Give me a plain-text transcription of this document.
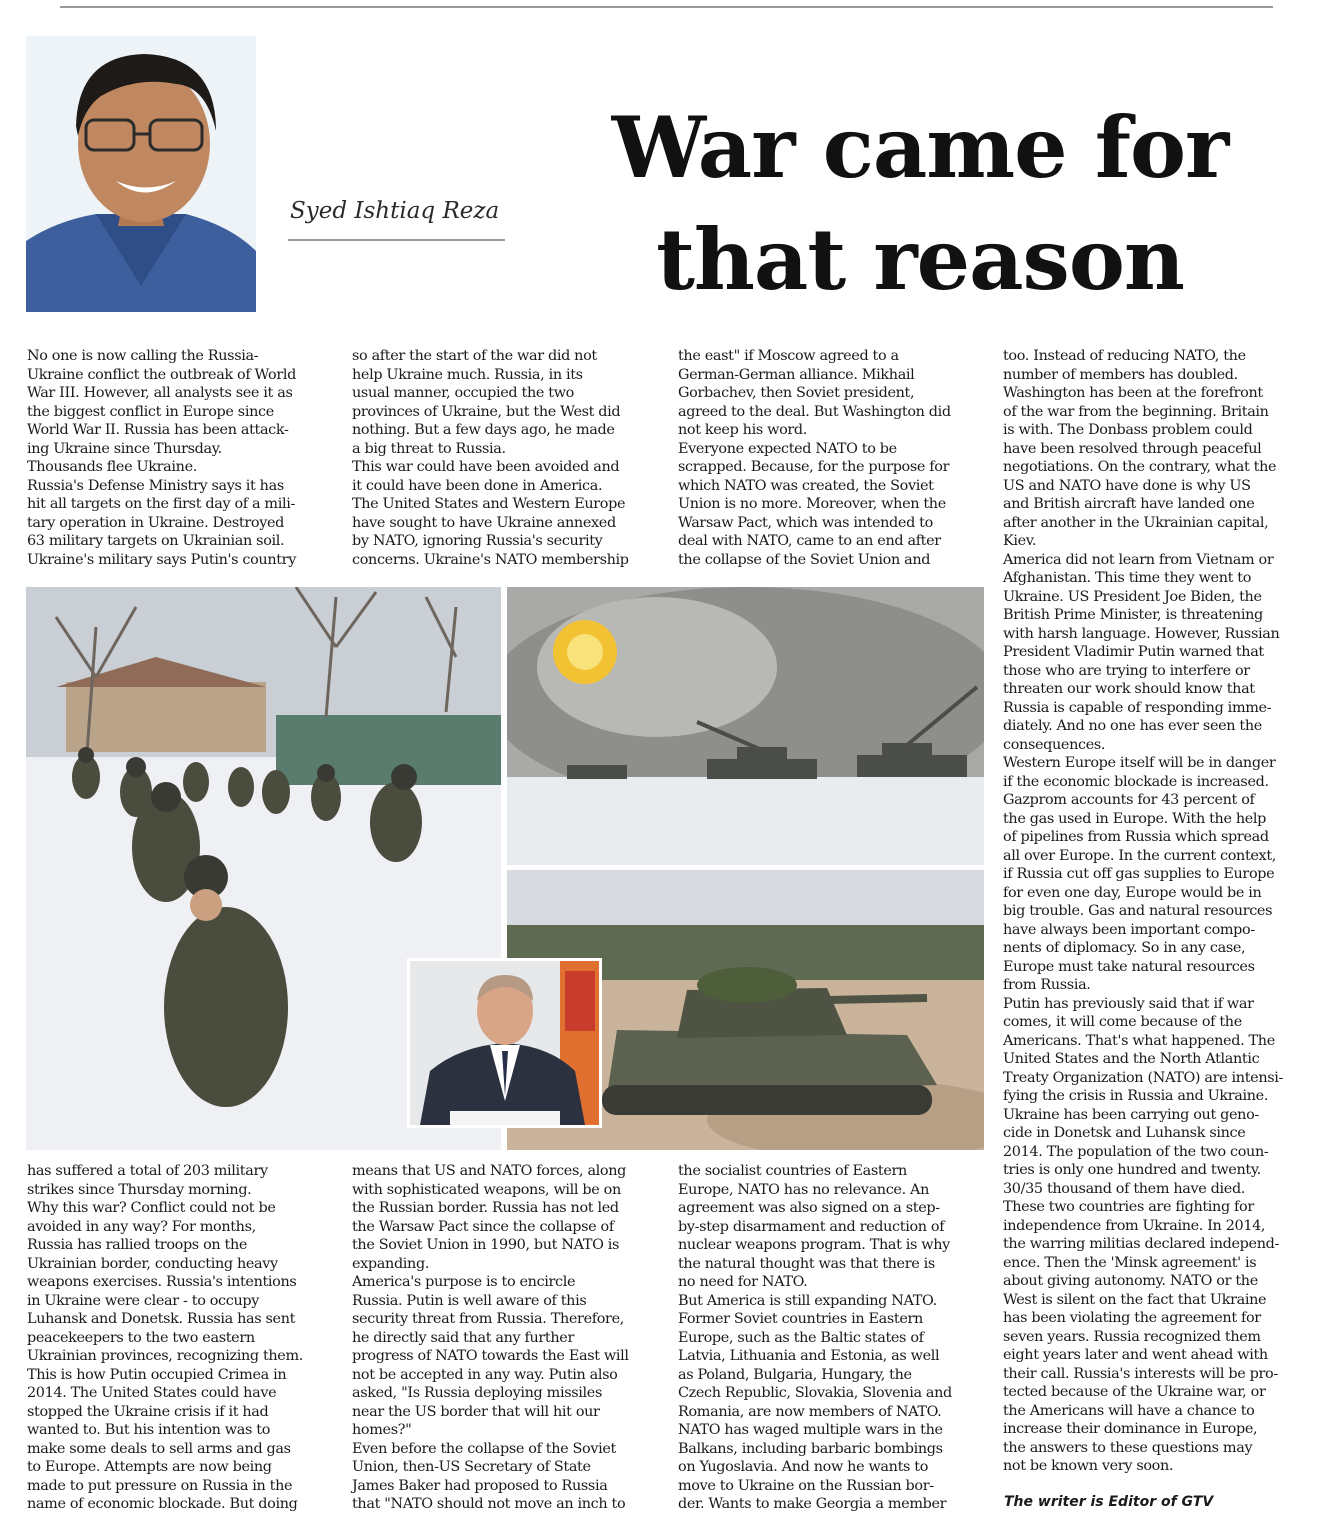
Syed Ishtiaq Reza
War came for
that reason

No one is now calling the Russia-
Ukraine conflict the outbreak of World
War III. However, all analysts see it as
the biggest conflict in Europe since
World War II. Russia has been attack-
ing Ukraine since Thursday.
Thousands flee Ukraine.
Russia's Defense Ministry says it has
hit all targets on the first day of a mili-
tary operation in Ukraine. Destroyed
63 military targets on Ukrainian soil.
Ukraine's military says Putin's country

so after the start of the war did not
help Ukraine much. Russia, in its
usual manner, occupied the two
provinces of Ukraine, but the West did
nothing. But a few days ago, he made
a big threat to Russia.
This war could have been avoided and
it could have been done in America.
The United States and Western Europe
have sought to have Ukraine annexed
by NATO, ignoring Russia's security
concerns. Ukraine's NATO membership

the east" if Moscow agreed to a
German-German alliance. Mikhail
Gorbachev, then Soviet president,
agreed to the deal. But Washington did
not keep his word.
Everyone expected NATO to be
scrapped. Because, for the purpose for
which NATO was created, the Soviet
Union is no more. Moreover, when the
Warsaw Pact, which was intended to
deal with NATO, came to an end after
the collapse of the Soviet Union and

too. Instead of reducing NATO, the
number of members has doubled.
Washington has been at the forefront
of the war from the beginning. Britain
is with. The Donbass problem could
have been resolved through peaceful
negotiations. On the contrary, what the
US and NATO have done is why US
and British aircraft have landed one
after another in the Ukrainian capital,
Kiev.
America did not learn from Vietnam or
Afghanistan. This time they went to
Ukraine. US President Joe Biden, the
British Prime Minister, is threatening
with harsh language. However, Russian
President Vladimir Putin warned that
those who are trying to interfere or
threaten our work should know that
Russia is capable of responding imme-
diately. And no one has ever seen the
consequences.
Western Europe itself will be in danger
if the economic blockade is increased.
Gazprom accounts for 43 percent of
the gas used in Europe. With the help
of pipelines from Russia which spread
all over Europe. In the current context,
if Russia cut off gas supplies to Europe
for even one day, Europe would be in
big trouble. Gas and natural resources
have always been important compo-
nents of diplomacy. So in any case,
Europe must take natural resources
from Russia.
Putin has previously said that if war
comes, it will come because of the
Americans. That's what happened. The
United States and the North Atlantic
Treaty Organization (NATO) are intensi-
fying the crisis in Russia and Ukraine.
Ukraine has been carrying out geno-
cide in Donetsk and Luhansk since
2014. The population of the two coun-
tries is only one hundred and twenty.
30/35 thousand of them have died.
These two countries are fighting for
independence from Ukraine. In 2014,
the warring militias declared independ-
ence. Then the 'Minsk agreement' is
about giving autonomy. NATO or the
West is silent on the fact that Ukraine
has been violating the agreement for
seven years. Russia recognized them
eight years later and went ahead with
their call. Russia's interests will be pro-
tected because of the Ukraine war, or
the Americans will have a chance to
increase their dominance in Europe,
the answers to these questions may
not be known very soon.

has suffered a total of 203 military
strikes since Thursday morning.
Why this war? Conflict could not be
avoided in any way? For months,
Russia has rallied troops on the
Ukrainian border, conducting heavy
weapons exercises. Russia's intentions
in Ukraine were clear - to occupy
Luhansk and Donetsk. Russia has sent
peacekeepers to the two eastern
Ukrainian provinces, recognizing them.
This is how Putin occupied Crimea in
2014. The United States could have
stopped the Ukraine crisis if it had
wanted to. But his intention was to
make some deals to sell arms and gas
to Europe. Attempts are now being
made to put pressure on Russia in the
name of economic blockade. But doing

means that US and NATO forces, along
with sophisticated weapons, will be on
the Russian border. Russia has not led
the Warsaw Pact since the collapse of
the Soviet Union in 1990, but NATO is
expanding.
America's purpose is to encircle
Russia. Putin is well aware of this
security threat from Russia. Therefore,
he directly said that any further
progress of NATO towards the East will
not be accepted in any way. Putin also
asked, "Is Russia deploying missiles
near the US border that will hit our
homes?"
Even before the collapse of the Soviet
Union, then-US Secretary of State
James Baker had proposed to Russia
that "NATO should not move an inch to

the socialist countries of Eastern
Europe, NATO has no relevance. An
agreement was also signed on a step-
by-step disarmament and reduction of
nuclear weapons program. That is why
the natural thought was that there is
no need for NATO.
But America is still expanding NATO.
Former Soviet countries in Eastern
Europe, such as the Baltic states of
Latvia, Lithuania and Estonia, as well
as Poland, Bulgaria, Hungary, the
Czech Republic, Slovakia, Slovenia and
Romania, are now members of NATO.
NATO has waged multiple wars in the
Balkans, including barbaric bombings
on Yugoslavia. And now he wants to
move to Ukraine on the Russian bor-
der. Wants to make Georgia a member	The writer is Editor of GTV
